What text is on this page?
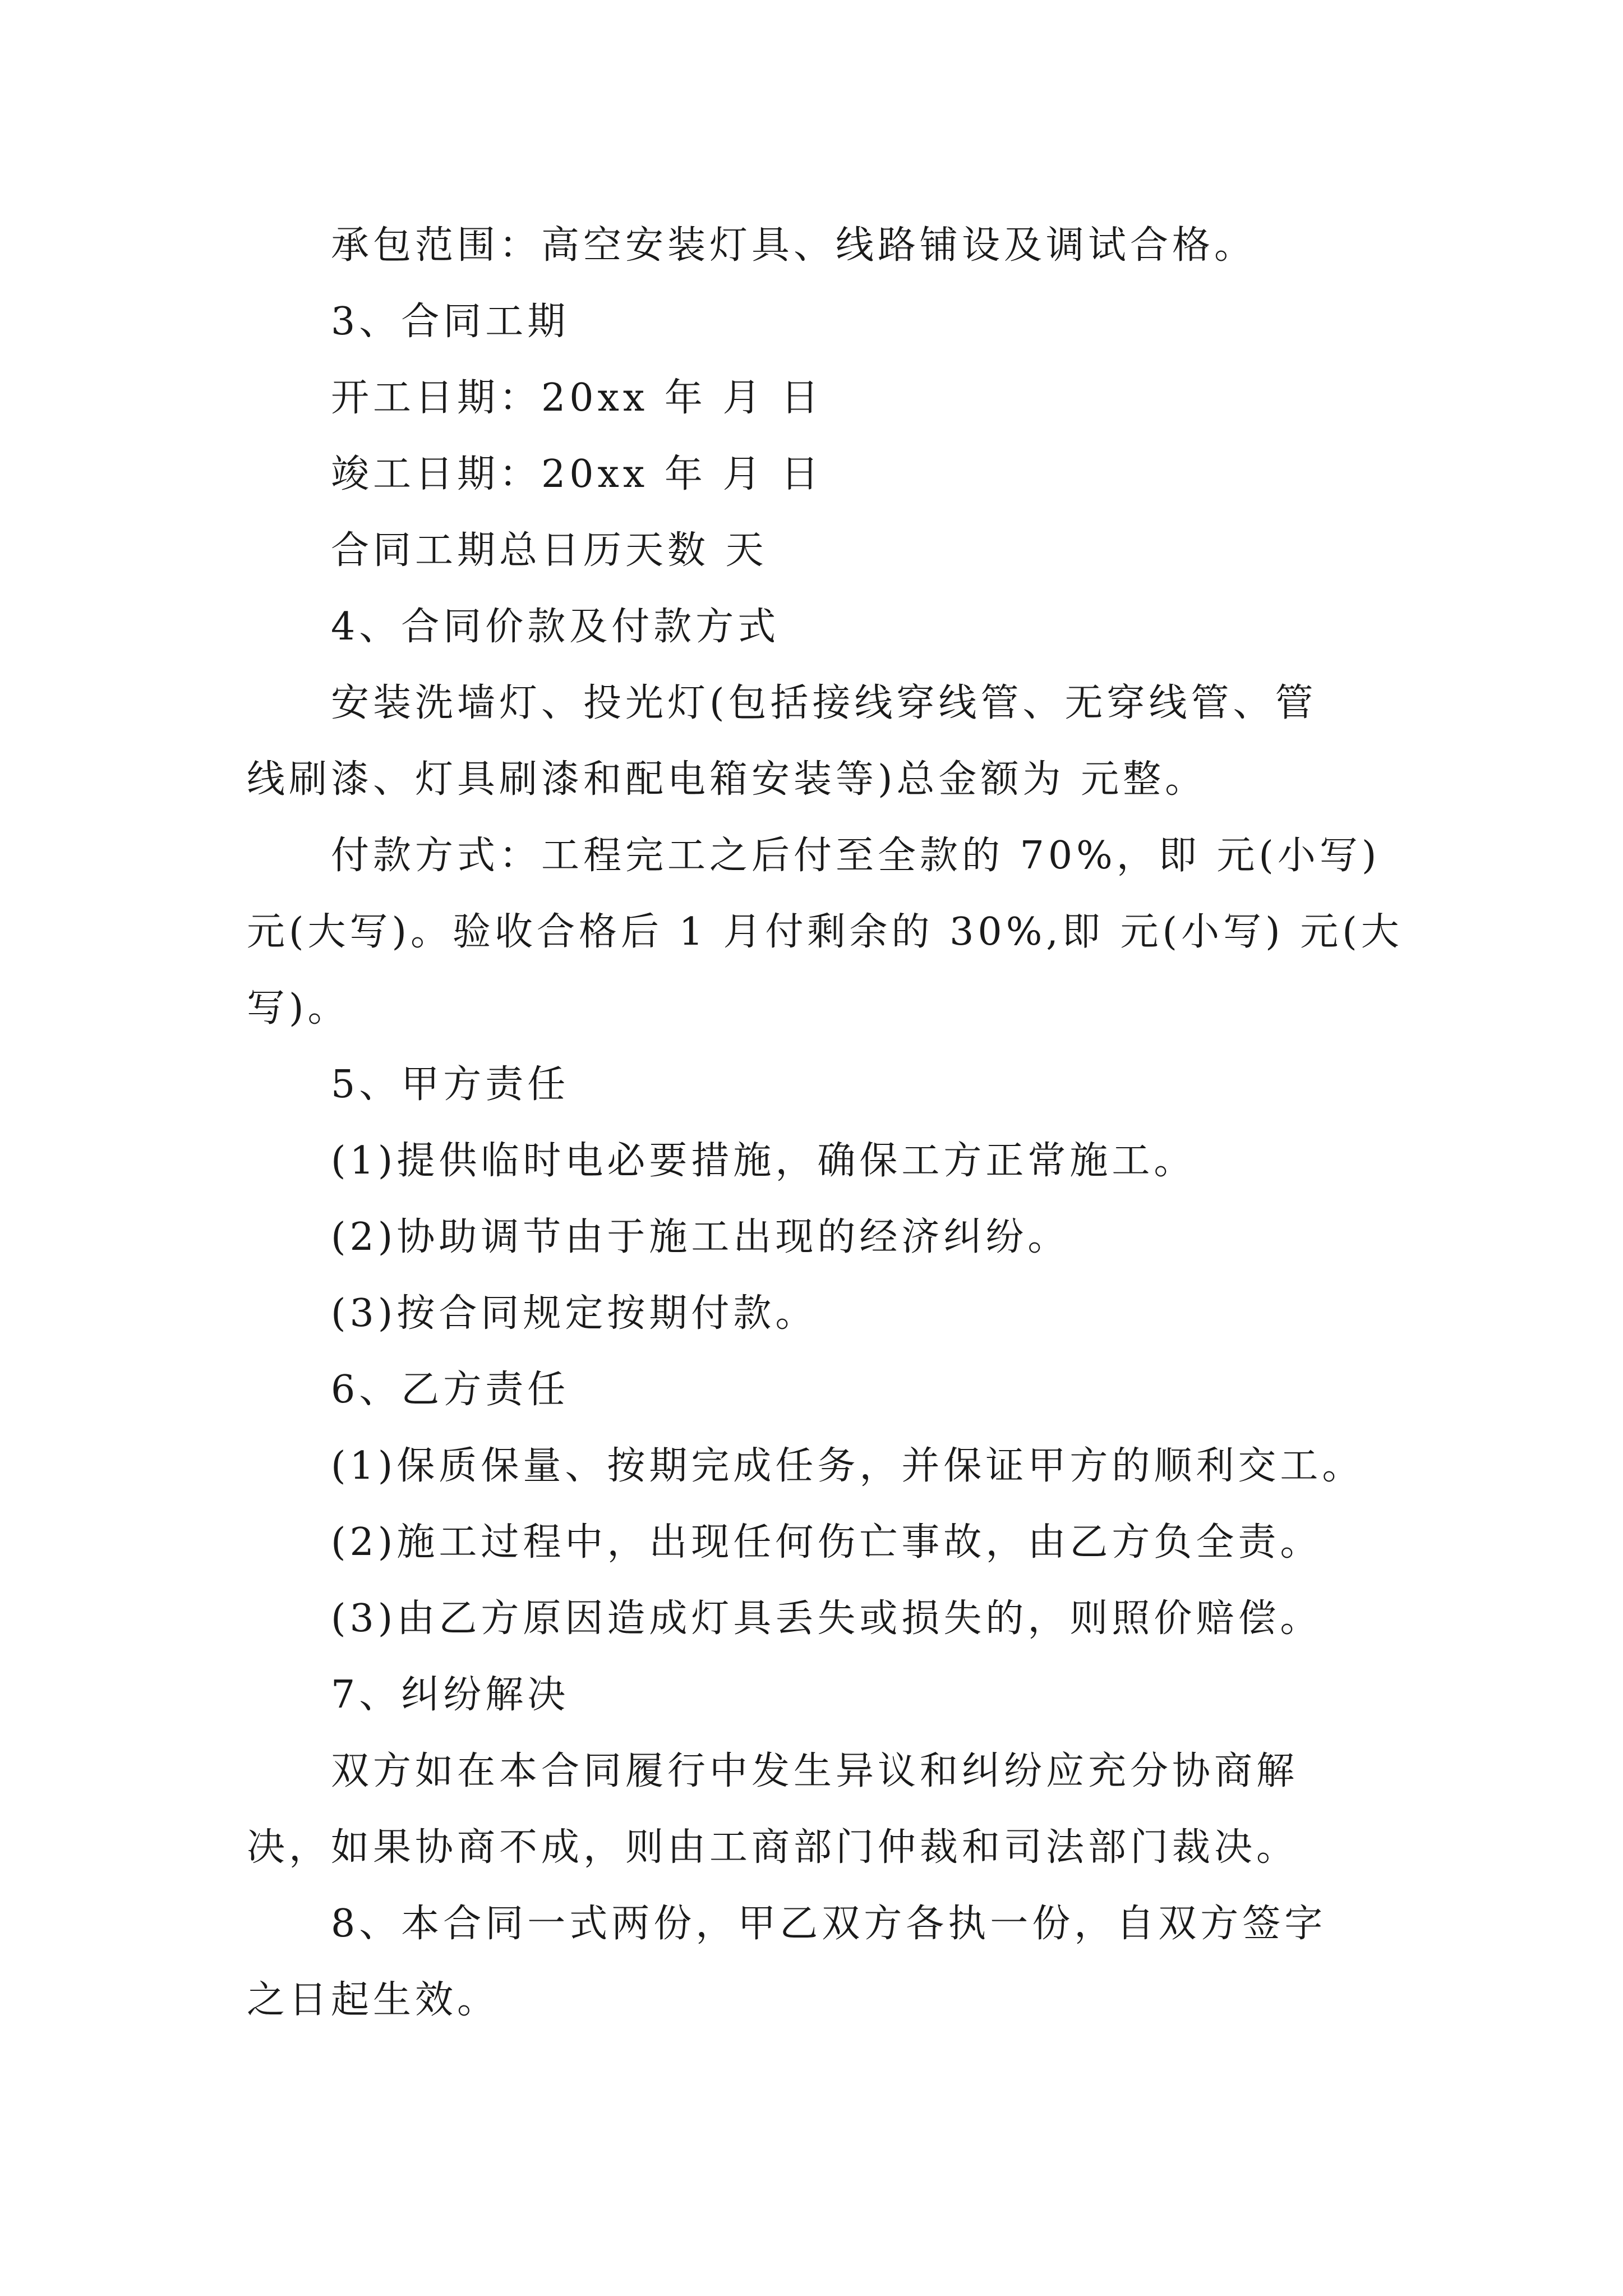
承包范围：高空安装灯具、线路铺设及调试合格。
3、合同工期
开工日期：20xx 年 月 日
竣工日期：20xx 年 月 日
合同工期总日历天数 天
4、合同价款及付款方式
安装洗墙灯、投光灯(包括接线穿线管、无穿线管、管
线刷漆、灯具刷漆和配电箱安装等)总金额为 元整。
付款方式：工程完工之后付至全款的 70%，即 元(小写)
元(大写)。验收合格后 1 月付剩余的 30%,即 元(小写) 元(大
写)。
5、甲方责任
(1)提供临时电必要措施，确保工方正常施工。
(2)协助调节由于施工出现的经济纠纷。
(3)按合同规定按期付款。
6、乙方责任
(1)保质保量、按期完成任务，并保证甲方的顺利交工。
(2)施工过程中，出现任何伤亡事故，由乙方负全责。
(3)由乙方原因造成灯具丢失或损失的，则照价赔偿。
7、纠纷解决
双方如在本合同履行中发生异议和纠纷应充分协商解
决，如果协商不成，则由工商部门仲裁和司法部门裁决。
8、本合同一式两份，甲乙双方各执一份，自双方签字
之日起生效。
